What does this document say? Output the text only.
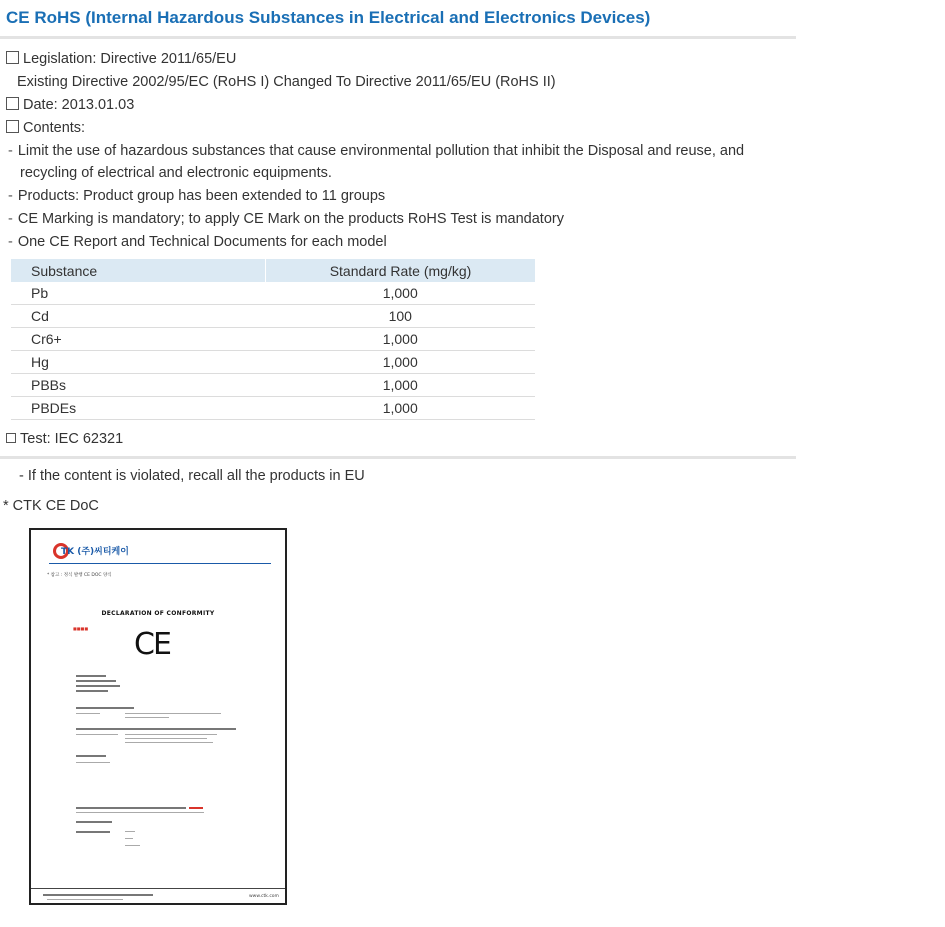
CE RoHS (Internal Hazardous Substances in Electrical and Electronics Devices)
Legislation: Directive 2011/65/EU
Existing Directive 2002/95/EC (RoHS I) Changed To Directive 2011/65/EU (RoHS II)
Date: 2013.01.03
Contents:
- Limit the use of hazardous substances that cause environmental pollution that inhibit the Disposal and reuse, and
recycling of electrical and electronic equipments.
- Products: Product group has been extended to 11 groups
- CE Marking is mandatory; to apply CE Mark on the products RoHS Test is mandatory
- One CE Report and Technical Documents for each model
Substance	Standard Rate (mg/kg)
Pb	1,000
Cd	100
Cr6+	1,000
Hg	1,000
PBBs	1,000
PBDEs	1,000
Test: IEC 62321
- If the content is violated, recall all the products in EU
* CTK CE DoC
TK (주)씨티케이
* 참고 : 정식 발행 CE DOC 양식
DECLARATION OF CONFORMITY
■■■■ CE
www.ctk.com
